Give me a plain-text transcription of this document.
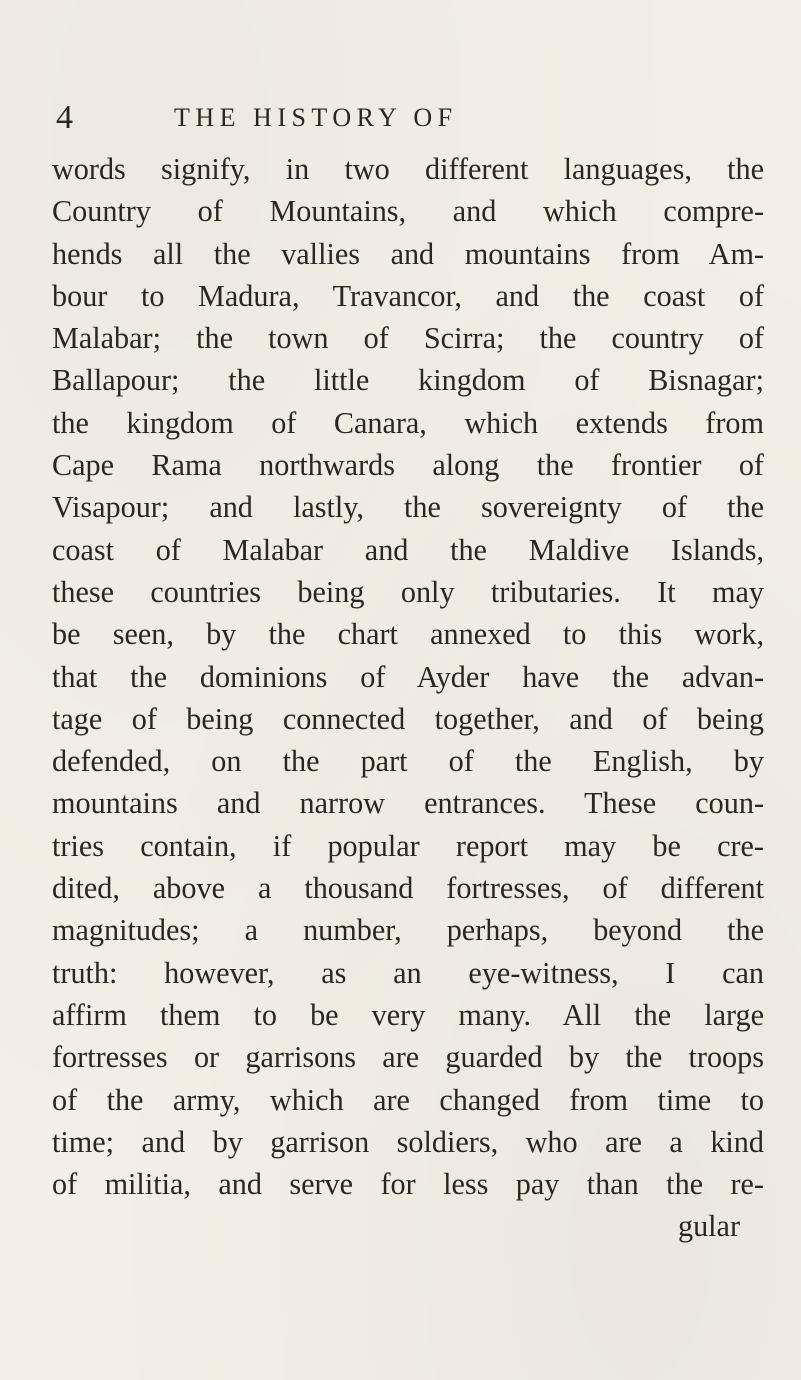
4	THE HISTORY OF
words signify, in two different languages, the
Country of Mountains, and which compre-
hends all the vallies and mountains from Am-
bour to Madura, Travancor, and the coast of
Malabar; the town of Scirra; the country of
Ballapour; the little kingdom of Bisnagar;
the kingdom of Canara, which extends from
Cape Rama northwards along the frontier of
Visapour; and lastly, the sovereignty of the
coast of Malabar and the Maldive Islands,
these countries being only tributaries. It may
be seen, by the chart annexed to this work,
that the dominions of Ayder have the advan-
tage of being connected together, and of being
defended, on the part of the English, by
mountains and narrow entrances. These coun-
tries contain, if popular report may be cre-
dited, above a thousand fortresses, of different
magnitudes; a number, perhaps, beyond the
truth: however, as an eye-witness, I can
affirm them to be very many. All the large
fortresses or garrisons are guarded by the troops
of the army, which are changed from time to
time; and by garrison soldiers, who are a kind
of militia, and serve for less pay than the re-
gular
